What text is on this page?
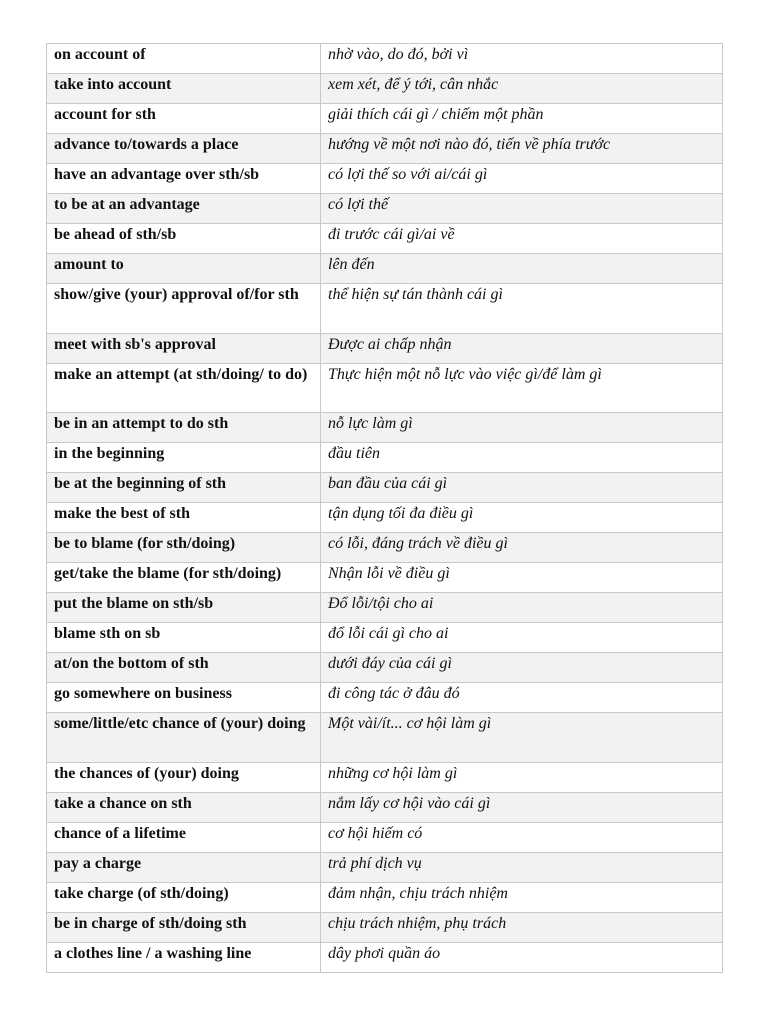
on account of	nhờ vào, do đó, bởi vì
take into account	xem xét, để ý tới, cân nhắc
account for sth	giải thích cái gì / chiếm một phần
advance to/towards a place	hướng về một nơi nào đó, tiến về phía trước
have an advantage over sth/sb	có lợi thế so với ai/cái gì
to be at an advantage	có lợi thế
be ahead of sth/sb	đi trước cái gì/ai về
amount to	lên đến
show/give (your) approval of/for sth	thể hiện sự tán thành cái gì
meet with sb's approval	Được ai chấp nhận
make an attempt (at sth/doing/ to do)	Thực hiện một nỗ lực vào việc gì/để làm gì
be in an attempt to do sth	nỗ lực làm gì
in the beginning	đầu tiên
be at the beginning of sth	ban đầu của cái gì
make the best of sth	tận dụng tối đa điều gì
be to blame (for sth/doing)	có lỗi, đáng trách về điều gì
get/take the blame (for sth/doing)	Nhận lỗi về điều gì
put the blame on sth/sb	Đổ lỗi/tội cho ai
blame sth on sb	đổ lỗi cái gì cho ai
at/on the bottom of sth	dưới đáy của cái gì
go somewhere on business	đi công tác ở đâu đó
some/little/etc chance of (your) doing	Một vài/ít... cơ hội làm gì
the chances of (your) doing	những cơ hội làm gì
take a chance on sth	nắm lấy cơ hội vào cái gì
chance of a lifetime	cơ hội hiếm có
pay a charge	trả phí dịch vụ
take charge (of sth/doing)	đảm nhận, chịu trách nhiệm
be in charge of sth/doing sth	chịu trách nhiệm, phụ trách
a clothes line / a washing line	dây phơi quần áo
